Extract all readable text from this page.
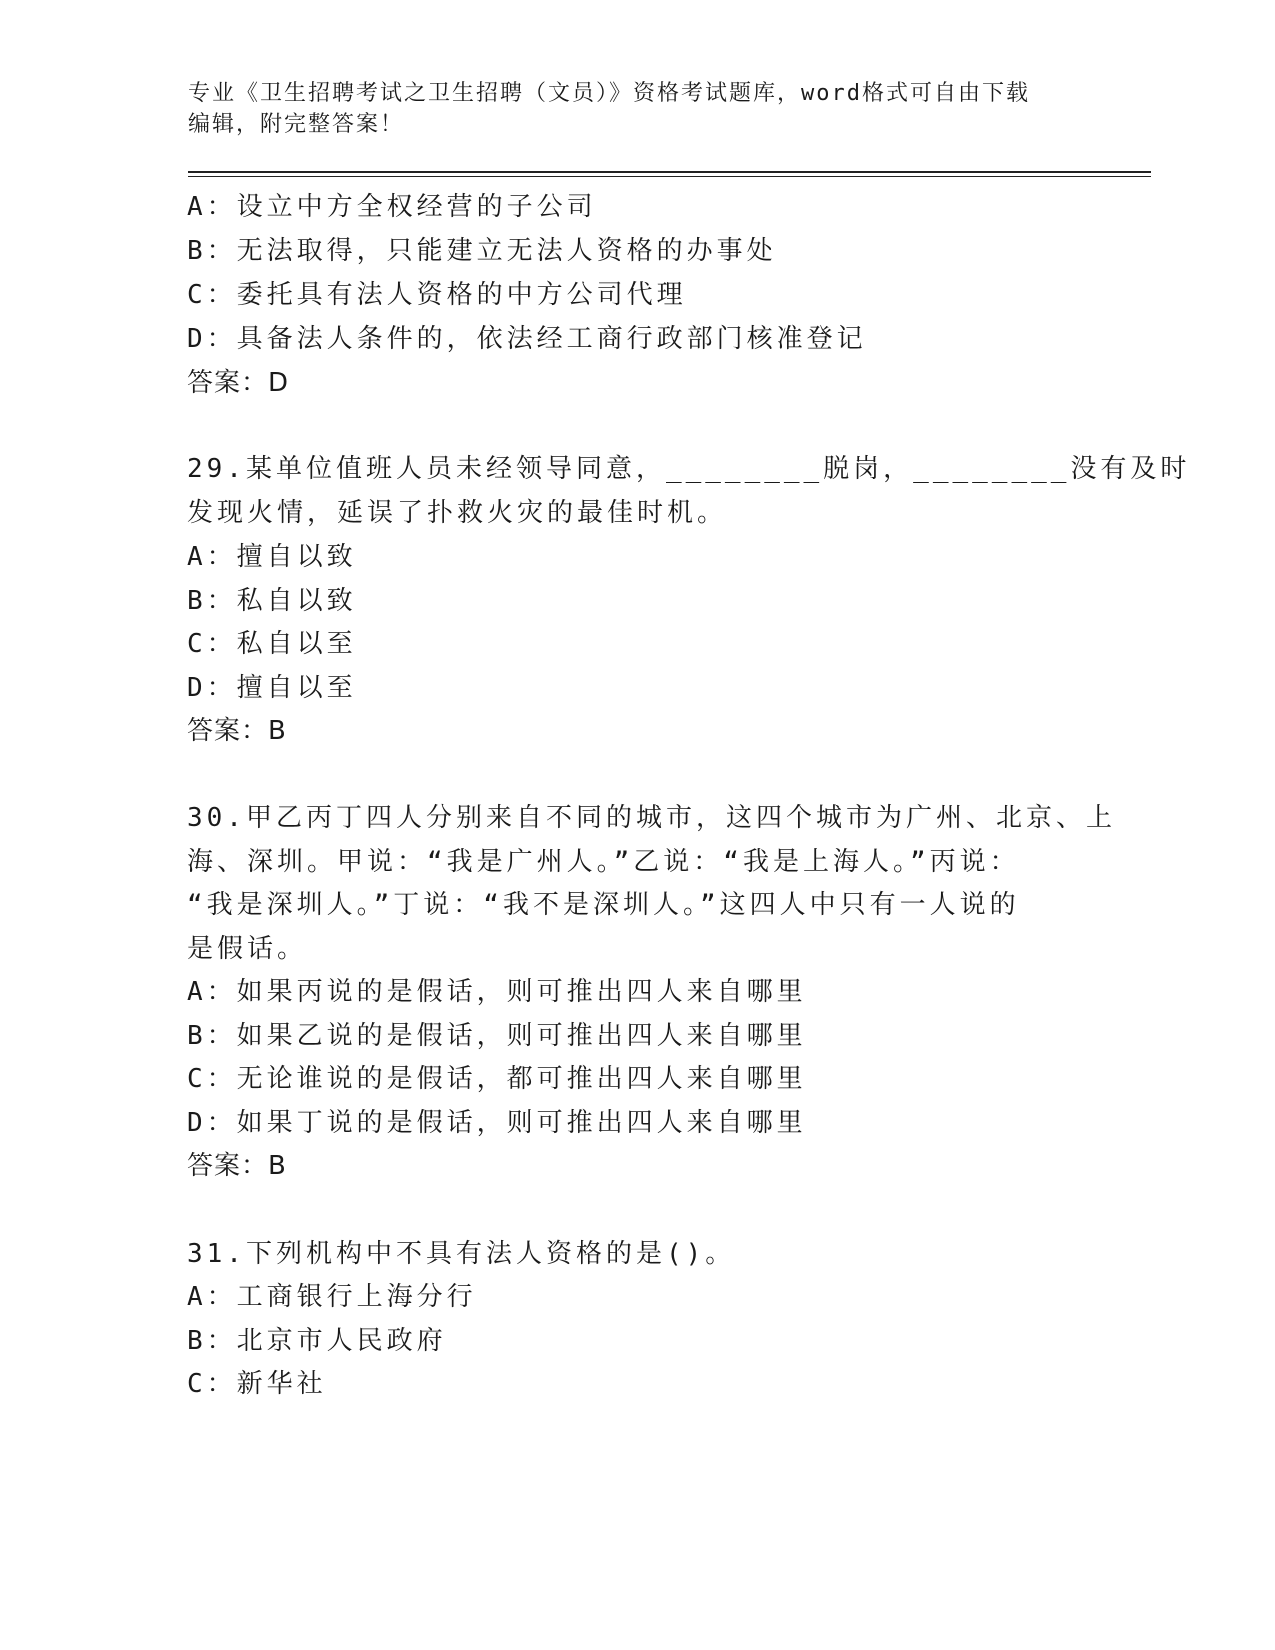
专业《卫生招聘考试之卫生招聘（文员）》资格考试题库，word格式可自由下载
编辑，附完整答案！
A：设立中方全权经营的子公司
B：无法取得，只能建立无法人资格的办事处
C：委托具有法人资格的中方公司代理
D：具备法人条件的，依法经工商行政部门核准登记
答案：D
29.某单位值班人员未经领导同意，________脱岗，________没有及时
发现火情，延误了扑救火灾的最佳时机。
A：擅自以致
B：私自以致
C：私自以至
D：擅自以至
答案：B
30.甲乙丙丁四人分别来自不同的城市，这四个城市为广州、北京、上
海、深圳。甲说：“我是广州人。”乙说：“我是上海人。”丙说：
“我是深圳人。”丁说：“我不是深圳人。”这四人中只有一人说的
是假话。
A：如果丙说的是假话，则可推出四人来自哪里
B：如果乙说的是假话，则可推出四人来自哪里
C：无论谁说的是假话，都可推出四人来自哪里
D：如果丁说的是假话，则可推出四人来自哪里
答案：B
31.下列机构中不具有法人资格的是()。
A：工商银行上海分行
B：北京市人民政府
C：新华社
